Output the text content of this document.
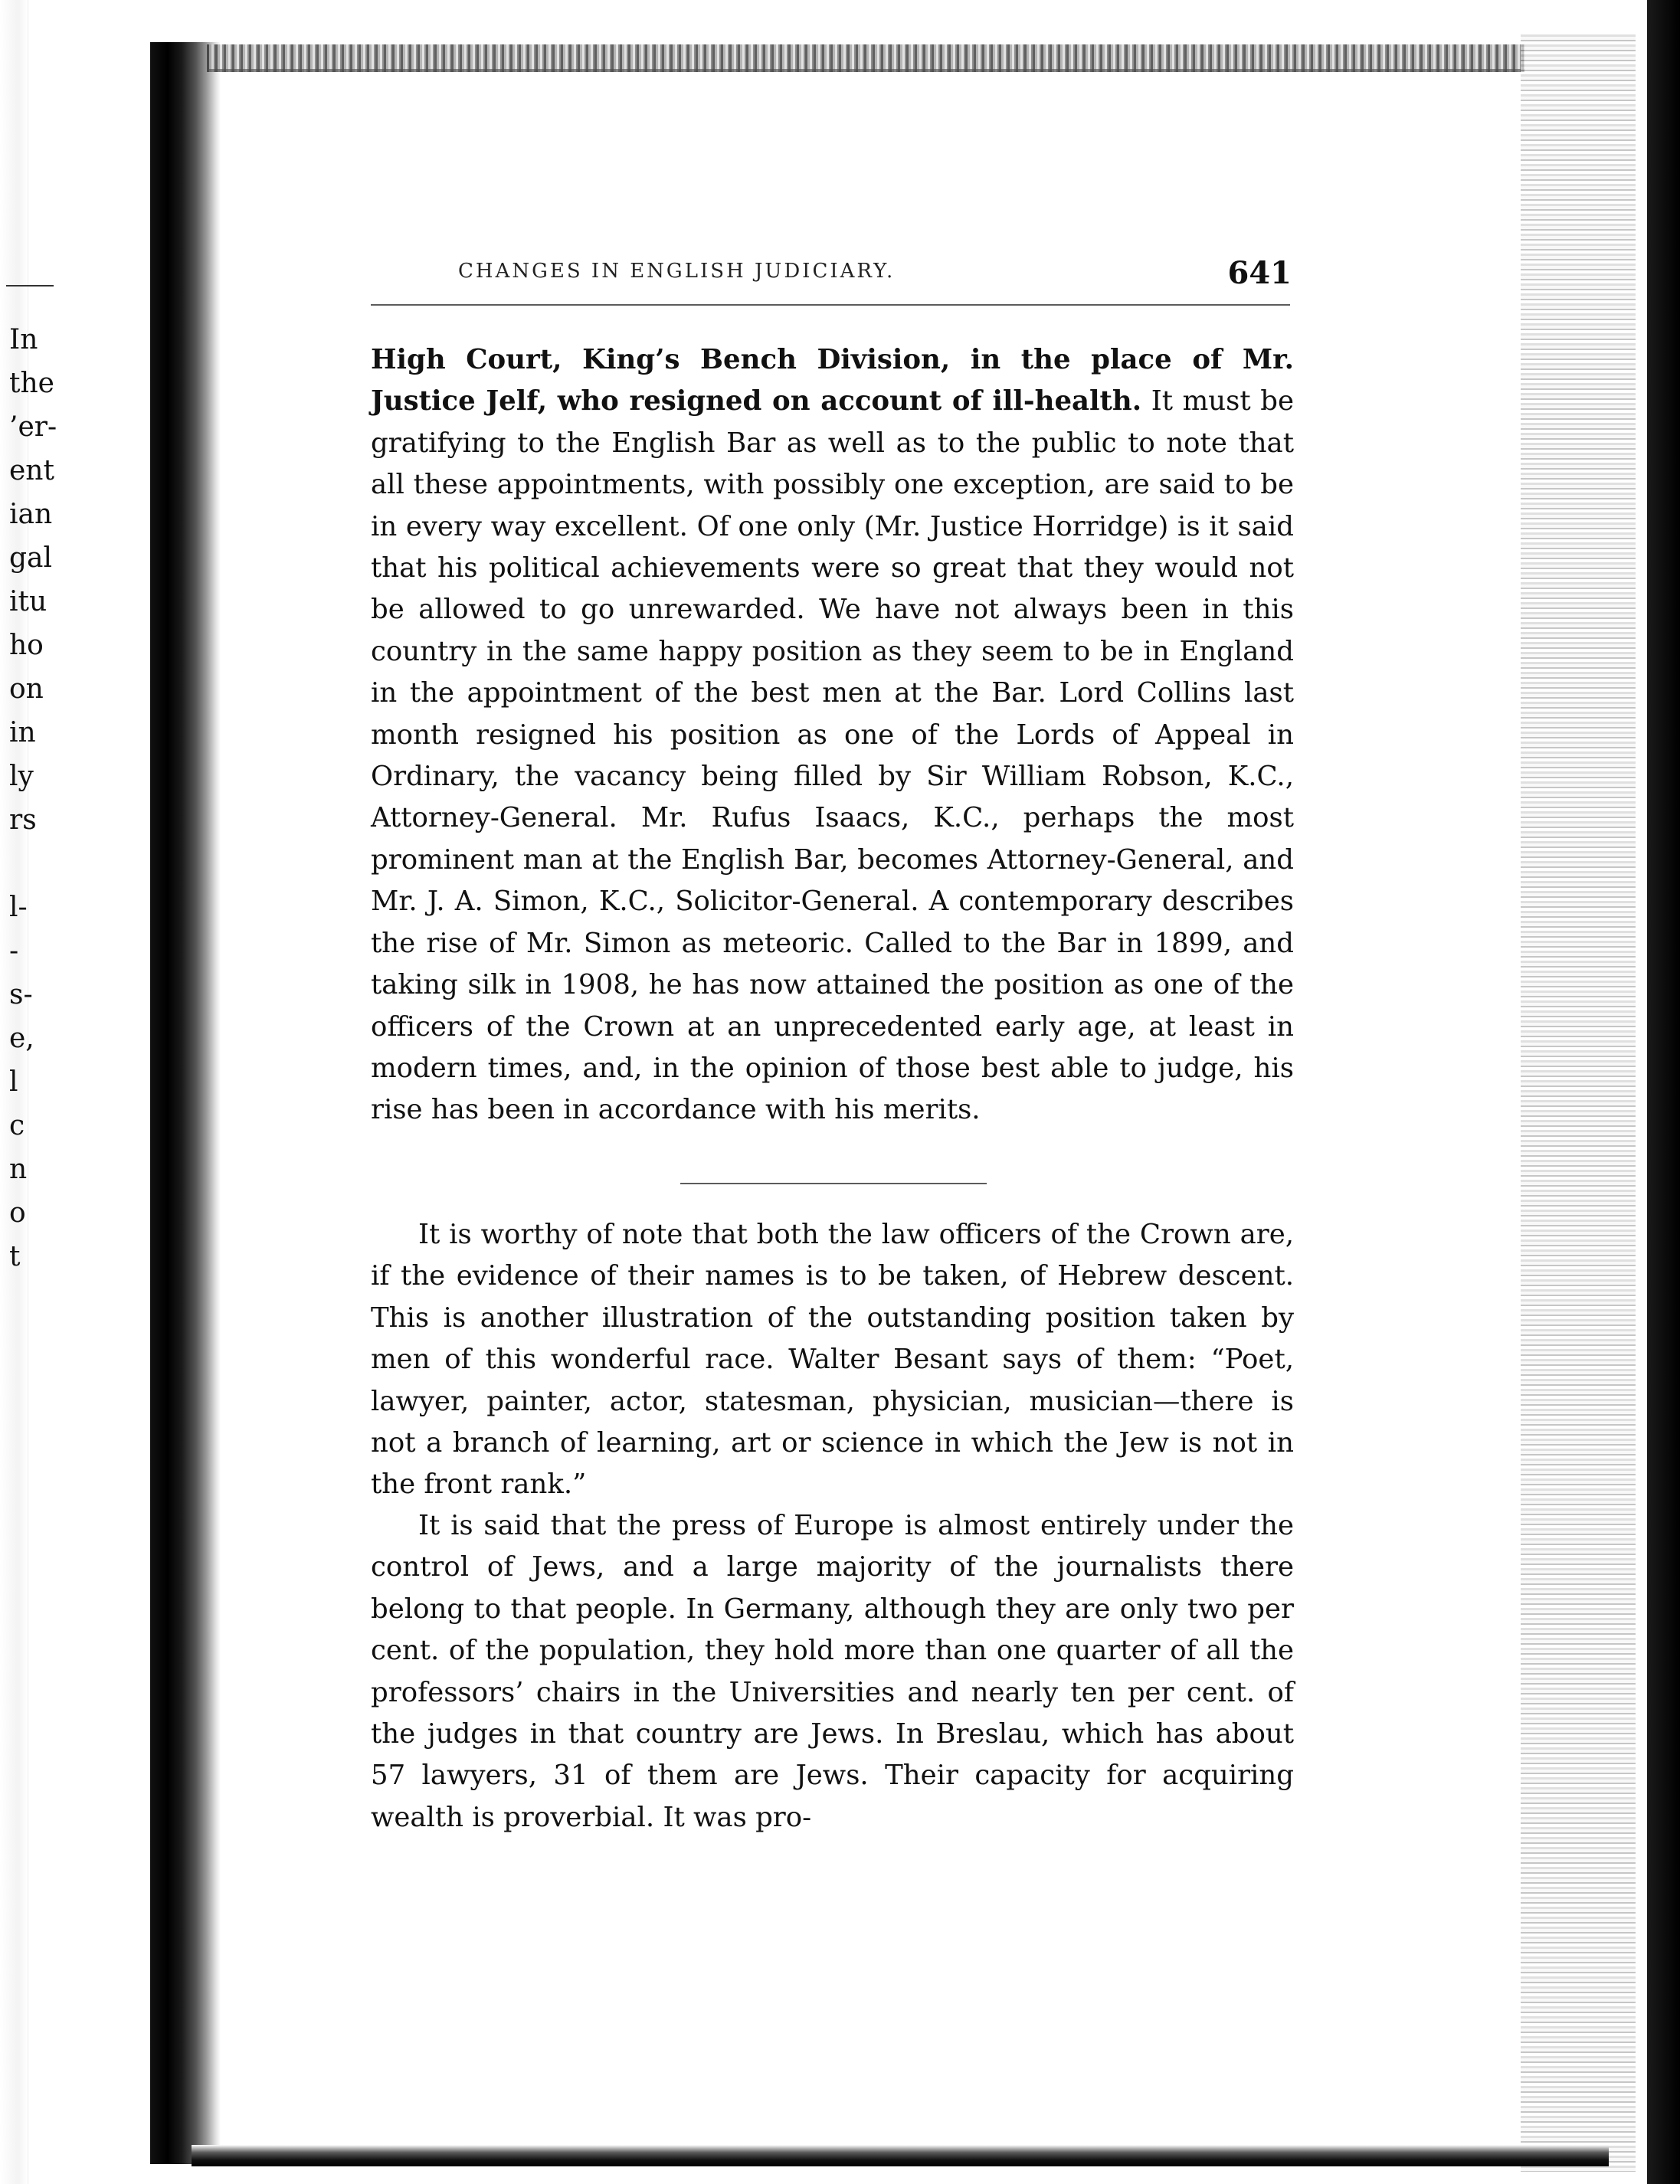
In
the
’er-
ent
ian
gal
itu
ho
on
in
ly
rs
l-
-
s-
e,
l
c
n
o
t
CHANGES IN ENGLISH JUDICIARY.	641

High Court, King’s Bench Division, in the place of Mr. Justice Jelf, who resigned on account of ill-health. It must be gratifying to the English Bar as well as to the public to note that all these appointments, with possibly one exception, are said to be in every way excellent. Of one only (Mr. Justice Horridge) is it said that his political achievements were so great that they would not be allowed to go unrewarded. We have not always been in this country in the same happy position as they seem to be in England in the appointment of the best men at the Bar. Lord Collins last month resigned his position as one of the Lords of Appeal in Ordinary, the vacancy being filled by Sir William Robson, K.C., Attorney-General. Mr. Rufus Isaacs, K.C., perhaps the most prominent man at the English Bar, becomes Attorney-General, and Mr. J. A. Simon, K.C., Solicitor-General. A contemporary describes the rise of Mr. Simon as meteoric. Called to the Bar in 1899, and taking silk in 1908, he has now attained the position as one of the officers of the Crown at an unprecedented early age, at least in modern times, and, in the opinion of those best able to judge, his rise has been in accordance with his merits.

It is worthy of note that both the law officers of the Crown are, if the evidence of their names is to be taken, of Hebrew descent. This is another illustration of the outstanding position taken by men of this wonderful race. Walter Besant says of them: “Poet, lawyer, painter, actor, statesman, physician, musician—there is not a branch of learning, art or science in which the Jew is not in the front rank.”

It is said that the press of Europe is almost entirely under the control of Jews, and a large majority of the journalists there belong to that people. In Germany, although they are only two per cent. of the population, they hold more than one quarter of all the professors’ chairs in the Universities and nearly ten per cent. of the judges in that country are Jews. In Breslau, which has about 57 lawyers, 31 of them are Jews. Their capacity for acquiring wealth is proverbial. It was pro-
